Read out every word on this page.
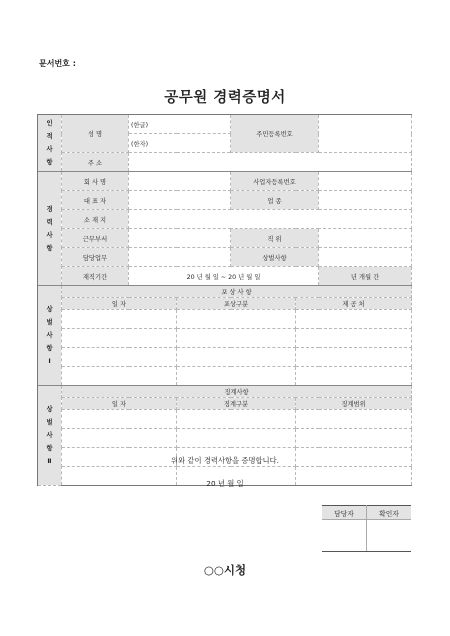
문서번호 :
공무원 경력증명서
인
적
사
항	성 명	(한글)		주민등록번호		
		(한자)				
	주 소					
경
력
사
항	회 사 명			사업자등록번호		
	대 표 자			업 종		
	소 재 지					
	근무부서			직 위		
	담당업무			상벌사항		
	재직기간	20 년 월 일 ~ 20 년 월 일				년 개월 간
상
벌
사
항
Ⅰ	포 상 사 항					
	일 자		포상구분		제 공 처	

상
벌
사
항
Ⅱ	징계사항					
	일 자		징계구분		징계범위	

위와 같이 경력사항을 증명합니다.
20 년 월 일
담당자	확인자

○○시청
